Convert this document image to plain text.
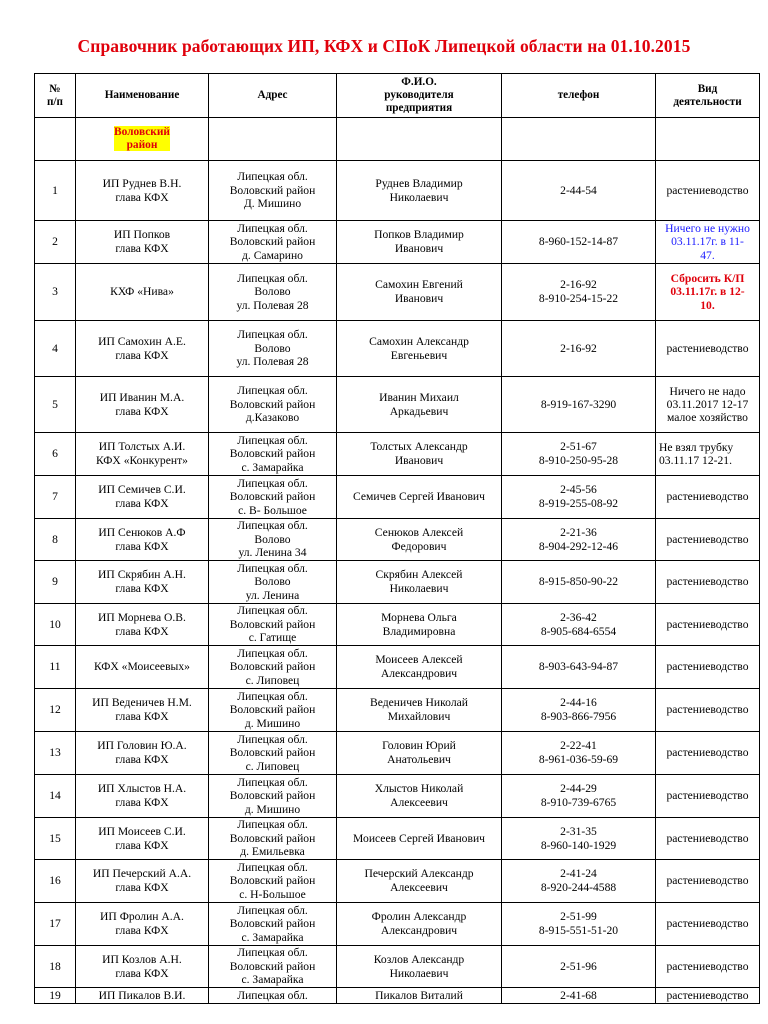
Справочник работающих ИП, КФХ и СПоК Липецкой области на 01.10.2015
№
п/п	Наименование	Адрес	Ф.И.О.
руководителя
предприятия	телефон	Вид
деятельности

	Воловский
район				

1	ИП Руднев В.Н.
глава КФХ	Липецкая обл.
Воловский район
Д. Мишино	Руднев Владимир
Николаевич	2-44-54	растениеводство

2	ИП Попков
глава КФХ	Липецкая обл.
Воловский район
д. Самарино	Попков Владимир
Иванович	8-960-152-14-87	Ничего не нужно
03.11.17г. в 11-
47.

3	КХФ «Нива»	Липецкая обл.
Волово
ул. Полевая 28	Самохин Евгений
Иванович	2-16-92
8-910-254-15-22	Сбросить К/П
03.11.17г. в 12-
10.

4	ИП Самохин А.Е.
глава КФХ	Липецкая обл.
Волово
ул. Полевая 28	Самохин Александр
Евгеньевич	2-16-92	растениеводство

5	ИП Иванин М.А.
глава КФХ	Липецкая обл.
Воловский район
д.Казаково	Иванин Михаил
Аркадьевич	8-919-167-3290	Ничего не надо
03.11.2017 12-17
малое хозяйство

6	ИП Толстых А.И.
КФХ «Конкурент»	Липецкая обл.
Воловский район
с. Замарайка	Толстых Александр
Иванович	2-51-67
8-910-250-95-28	Не взял трубку
03.11.17 12-21.

7	ИП Семичев С.И.
глава КФХ	Липецкая обл.
Воловский район
с. В- Большое	Семичев Сергей Иванович	2-45-56
8-919-255-08-92	растениеводство

8	ИП Сенюков А.Ф
глава КФХ	Липецкая обл.
Волово
ул. Ленина 34	Сенюков Алексей
Федорович	2-21-36
8-904-292-12-46	растениеводство

9	ИП Скрябин А.Н.
глава КФХ	Липецкая обл.
Волово
ул. Ленина	Скрябин Алексей
Николаевич	8-915-850-90-22	растениеводство

10	ИП Морнева О.В.
глава КФХ	Липецкая обл.
Воловский район
с. Гатище	Морнева Ольга
Владимировна	2-36-42
8-905-684-6554	растениеводство

11	КФХ «Моисеевых»	Липецкая обл.
Воловский район
с. Липовец	Моисеев Алексей
Александрович	8-903-643-94-87	растениеводство

12	ИП Веденичев Н.М.
глава КФХ	Липецкая обл.
Воловский район
д. Мишино	Веденичев Николай
Михайлович	2-44-16
8-903-866-7956	растениеводство

13	ИП Головин Ю.А.
глава КФХ	Липецкая обл.
Воловский район
с. Липовец	Головин Юрий
Анатольевич	2-22-41
8-961-036-59-69	растениеводство

14	ИП Хлыстов Н.А.
глава КФХ	Липецкая обл.
Воловский район
д. Мишино	Хлыстов Николай
Алексеевич	2-44-29
8-910-739-6765	растениеводство

15	ИП Моисеев С.И.
глава КФХ	Липецкая обл.
Воловский район
д. Емильевка	Моисеев Сергей Иванович	2-31-35
8-960-140-1929	растениеводство

16	ИП Печерский А.А.
глава КФХ	Липецкая обл.
Воловский район
с. Н-Большое	Печерский Александр
Алексеевич	2-41-24
8-920-244-4588	растениеводство

17	ИП Фролин А.А.
глава КФХ	Липецкая обл.
Воловский район
с. Замарайка	Фролин Александр
Александрович	2-51-99
8-915-551-51-20	растениеводство

18	ИП Козлов А.Н.
глава КФХ	Липецкая обл.
Воловский район
с. Замарайка	Козлов Александр
Николаевич	2-51-96	растениеводство

19	ИП Пикалов В.И.	Липецкая обл.	Пикалов Виталий	2-41-68	растениеводство
